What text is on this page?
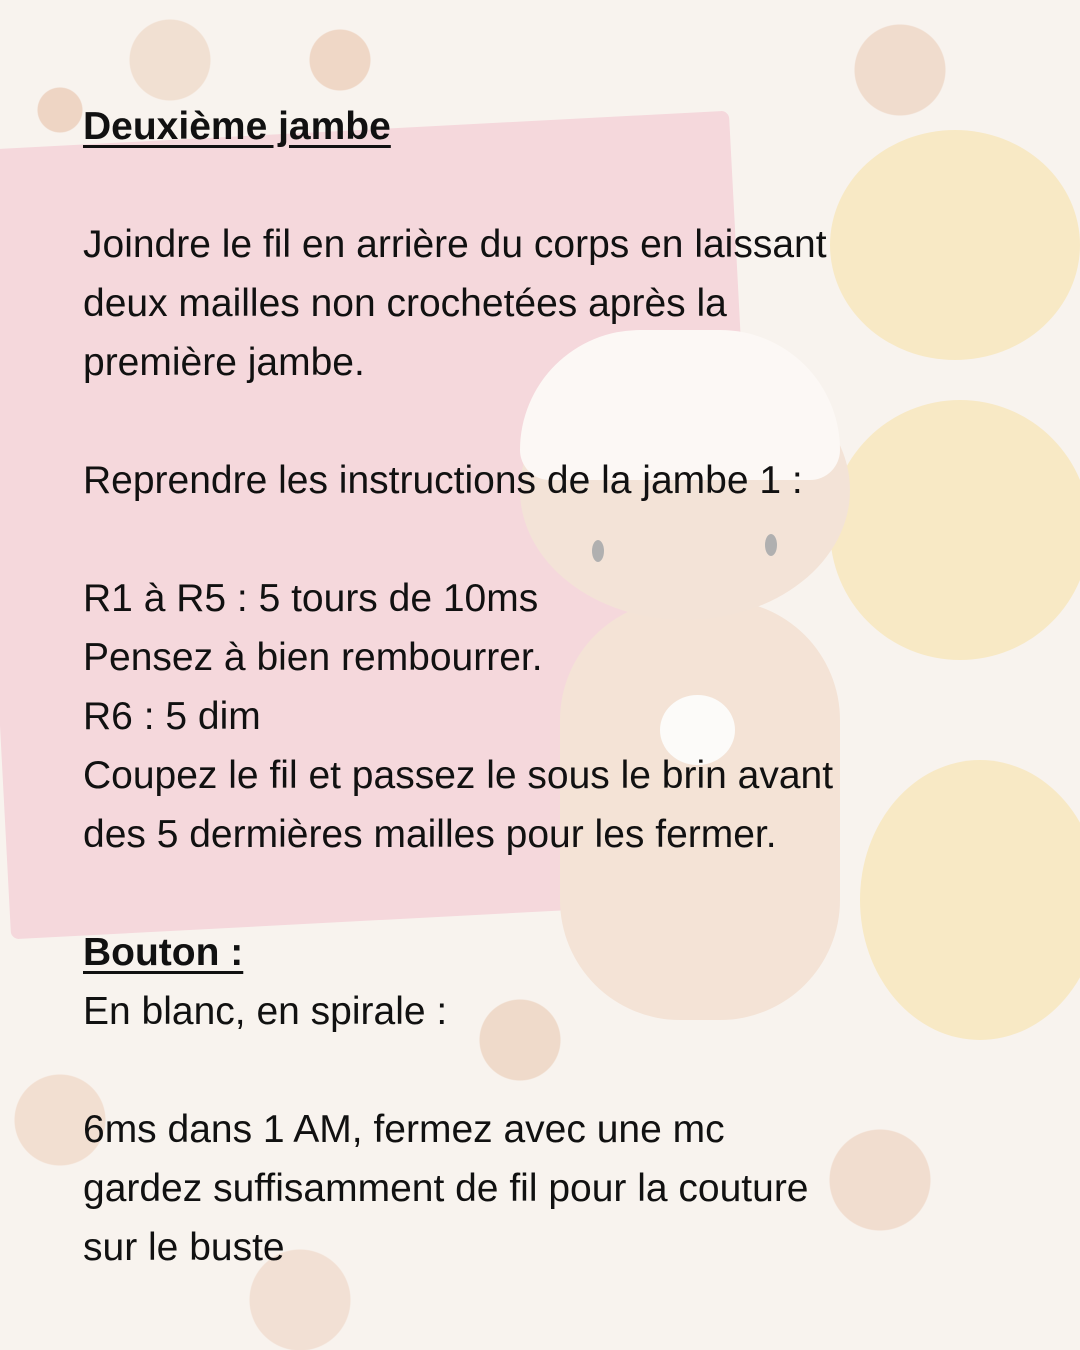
Deuxième jambe
Joindre le fil en arrière du corps en laissant
deux mailles non crochetées après la
première jambe.
Reprendre les instructions de la jambe 1 :
R1 à R5 : 5 tours de 10ms
Pensez à bien rembourrer.
R6 : 5 dim
Coupez le fil et passez le sous le brin avant
des 5 dermières mailles pour les fermer.
Bouton :
En blanc, en spirale :
6ms dans 1 AM, fermez avec une mc
gardez suffisamment de fil pour la couture
sur le buste
